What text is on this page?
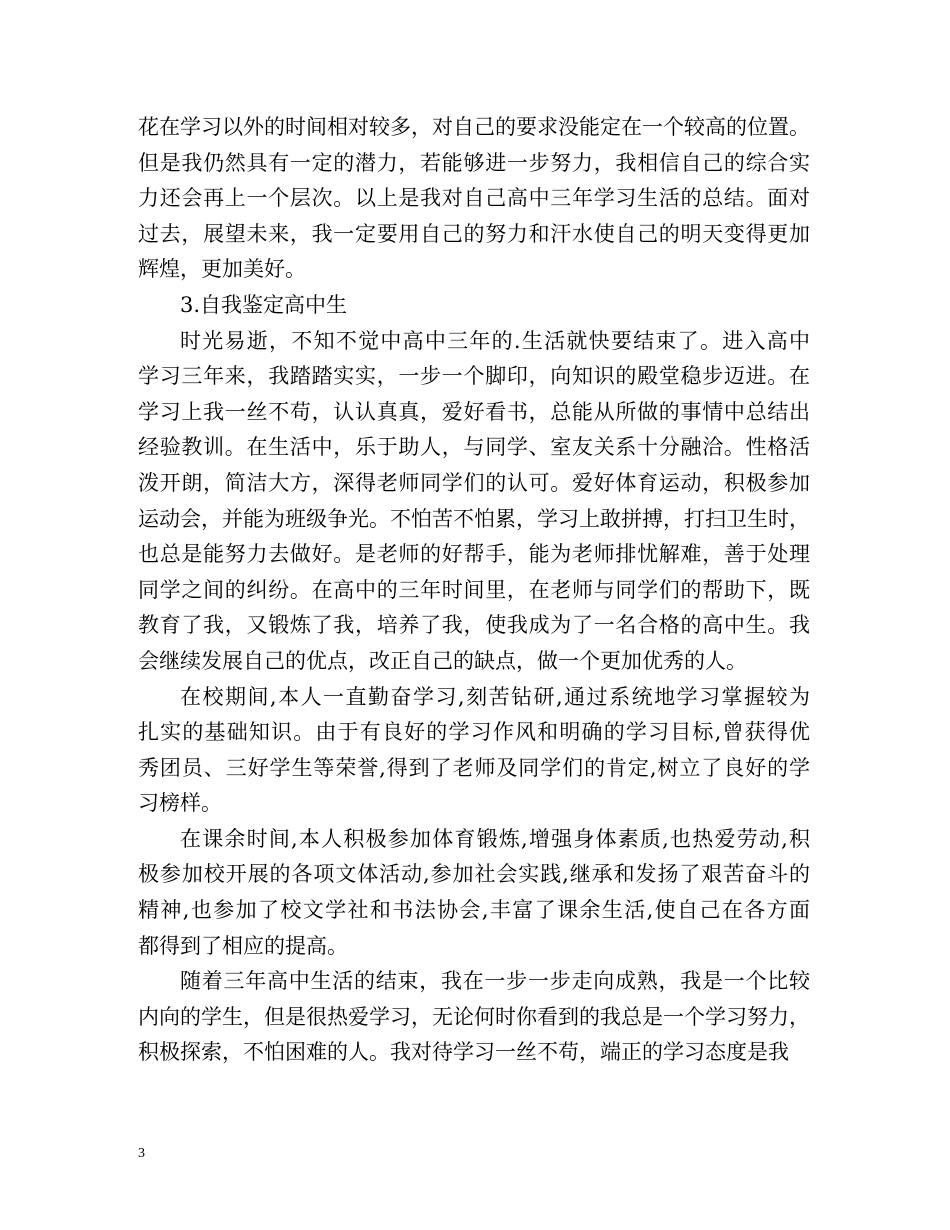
花在学习以外的时间相对较多，对自己的要求没能定在一个较高的位置。
但是我仍然具有一定的潜力，若能够进一步努力，我相信自己的综合实
力还会再上一个层次。以上是我对自己高中三年学习生活的总结。面对
过去，展望未来，我一定要用自己的努力和汗水使自己的明天变得更加
辉煌，更加美好。
3.自我鉴定高中生
时光易逝，不知不觉中高中三年的.生活就快要结束了。进入高中
学习三年来，我踏踏实实，一步一个脚印，向知识的殿堂稳步迈进。在
学习上我一丝不苟，认认真真，爱好看书，总能从所做的事情中总结出
经验教训。在生活中，乐于助人，与同学、室友关系十分融洽。性格活
泼开朗，简洁大方，深得老师同学们的认可。爱好体育运动，积极参加
运动会，并能为班级争光。不怕苦不怕累，学习上敢拼搏，打扫卫生时，
也总是能努力去做好。是老师的好帮手，能为老师排忧解难，善于处理
同学之间的纠纷。在高中的三年时间里，在老师与同学们的帮助下，既
教育了我，又锻炼了我，培养了我，使我成为了一名合格的高中生。我
会继续发展自己的优点，改正自己的缺点，做一个更加优秀的人。
在校期间,本人一直勤奋学习,刻苦钻研,通过系统地学习掌握较为
扎实的基础知识。由于有良好的学习作风和明确的学习目标,曾获得优
秀团员、三好学生等荣誉,得到了老师及同学们的肯定,树立了良好的学
习榜样。
在课余时间,本人积极参加体育锻炼,增强身体素质,也热爱劳动,积
极参加校开展的各项文体活动,参加社会实践,继承和发扬了艰苦奋斗的
精神,也参加了校文学社和书法协会,丰富了课余生活,使自己在各方面
都得到了相应的提高。
随着三年高中生活的结束，我在一步一步走向成熟，我是一个比较
内向的学生，但是很热爱学习，无论何时你看到的我总是一个学习努力，
积极探索，不怕困难的人。我对待学习一丝不苟，端正的学习态度是我
3
